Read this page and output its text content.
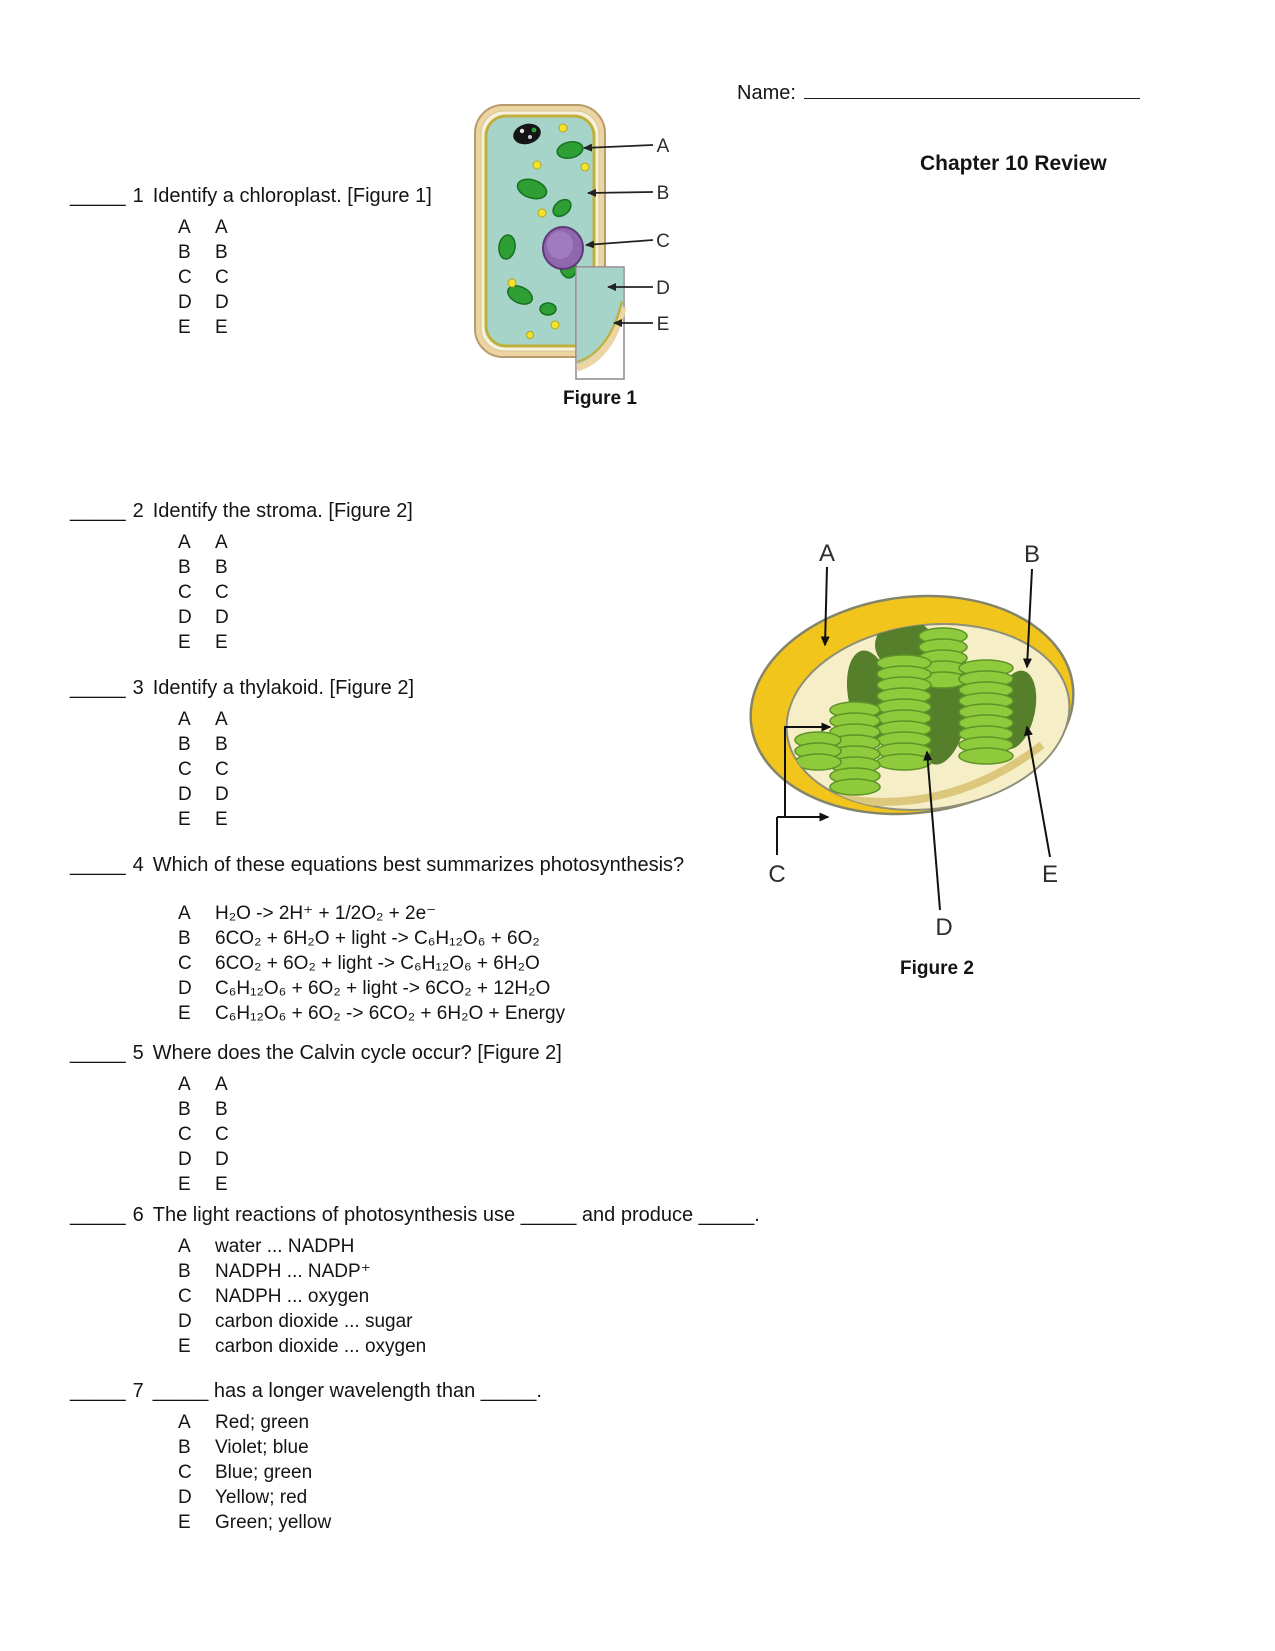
Name:
Chapter 10 Review
A
B
C
D
E
Figure 1
A	B
C
D
E
Figure 2
_____ 1 Identify a chloroplast. [Figure 1]
A A
B B
C C
D D
E E
_____ 2 Identify the stroma. [Figure 2]
A A
B B
C C
D D
E E
_____ 3 Identify a thylakoid. [Figure 2]
A A
B B
C C
D D
E E
_____ 4 Which of these equations best summarizes photosynthesis?
A H₂O -> 2H⁺ + 1/2O₂ + 2e⁻
B 6CO₂ + 6H₂O + light -> C₆H₁₂O₆ + 6O₂
C 6CO₂ + 6O₂ + light -> C₆H₁₂O₆ + 6H₂O
D C₆H₁₂O₆ + 6O₂ + light -> 6CO₂ + 12H₂O
E C₆H₁₂O₆ + 6O₂ -> 6CO₂ + 6H₂O + Energy
_____ 5 Where does the Calvin cycle occur? [Figure 2]
A A
B B
C C
D D
E E
_____ 6 The light reactions of photosynthesis use _____ and produce _____.
A water ... NADPH
B NADPH ... NADP⁺
C NADPH ... oxygen
D carbon dioxide ... sugar
E carbon dioxide ... oxygen
_____ 7 _____ has a longer wavelength than _____.
A Red; green
B Violet; blue
C Blue; green
D Yellow; red
E Green; yellow
